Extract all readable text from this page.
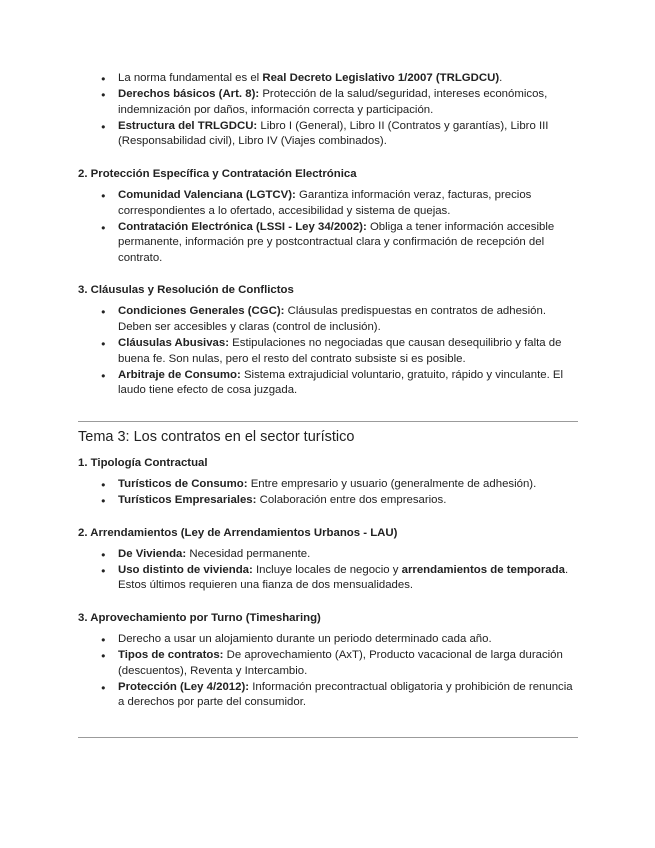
● La norma fundamental es el Real Decreto Legislativo 1/2007 (TRLGDCU).
● Derechos básicos (Art. 8): Protección de la salud/seguridad, intereses económicos, indemnización por daños, información correcta y participación.
● Estructura del TRLGDCU: Libro I (General), Libro II (Contratos y garantías), Libro III (Responsabilidad civil), Libro IV (Viajes combinados).
2. Protección Específica y Contratación Electrónica
● Comunidad Valenciana (LGTCV): Garantiza información veraz, facturas, precios correspondientes a lo ofertado, accesibilidad y sistema de quejas.
● Contratación Electrónica (LSSI - Ley 34/2002): Obliga a tener información accesible permanente, información pre y postcontractual clara y confirmación de recepción del contrato.
3. Cláusulas y Resolución de Conflictos
● Condiciones Generales (CGC): Cláusulas predispuestas en contratos de adhesión. Deben ser accesibles y claras (control de inclusión).
● Cláusulas Abusivas: Estipulaciones no negociadas que causan desequilibrio y falta de buena fe. Son nulas, pero el resto del contrato subsiste si es posible.
● Arbitraje de Consumo: Sistema extrajudicial voluntario, gratuito, rápido y vinculante. El laudo tiene efecto de cosa juzgada.
Tema 3: Los contratos en el sector turístico
1. Tipología Contractual
● Turísticos de Consumo: Entre empresario y usuario (generalmente de adhesión).
● Turísticos Empresariales: Colaboración entre dos empresarios.
2. Arrendamientos (Ley de Arrendamientos Urbanos - LAU)
● De Vivienda: Necesidad permanente.
● Uso distinto de vivienda: Incluye locales de negocio y arrendamientos de temporada. Estos últimos requieren una fianza de dos mensualidades.
3. Aprovechamiento por Turno (Timesharing)
● Derecho a usar un alojamiento durante un periodo determinado cada año.
● Tipos de contratos: De aprovechamiento (AxT), Producto vacacional de larga duración (descuentos), Reventa y Intercambio.
● Protección (Ley 4/2012): Información precontractual obligatoria y prohibición de renuncia a derechos por parte del consumidor.
